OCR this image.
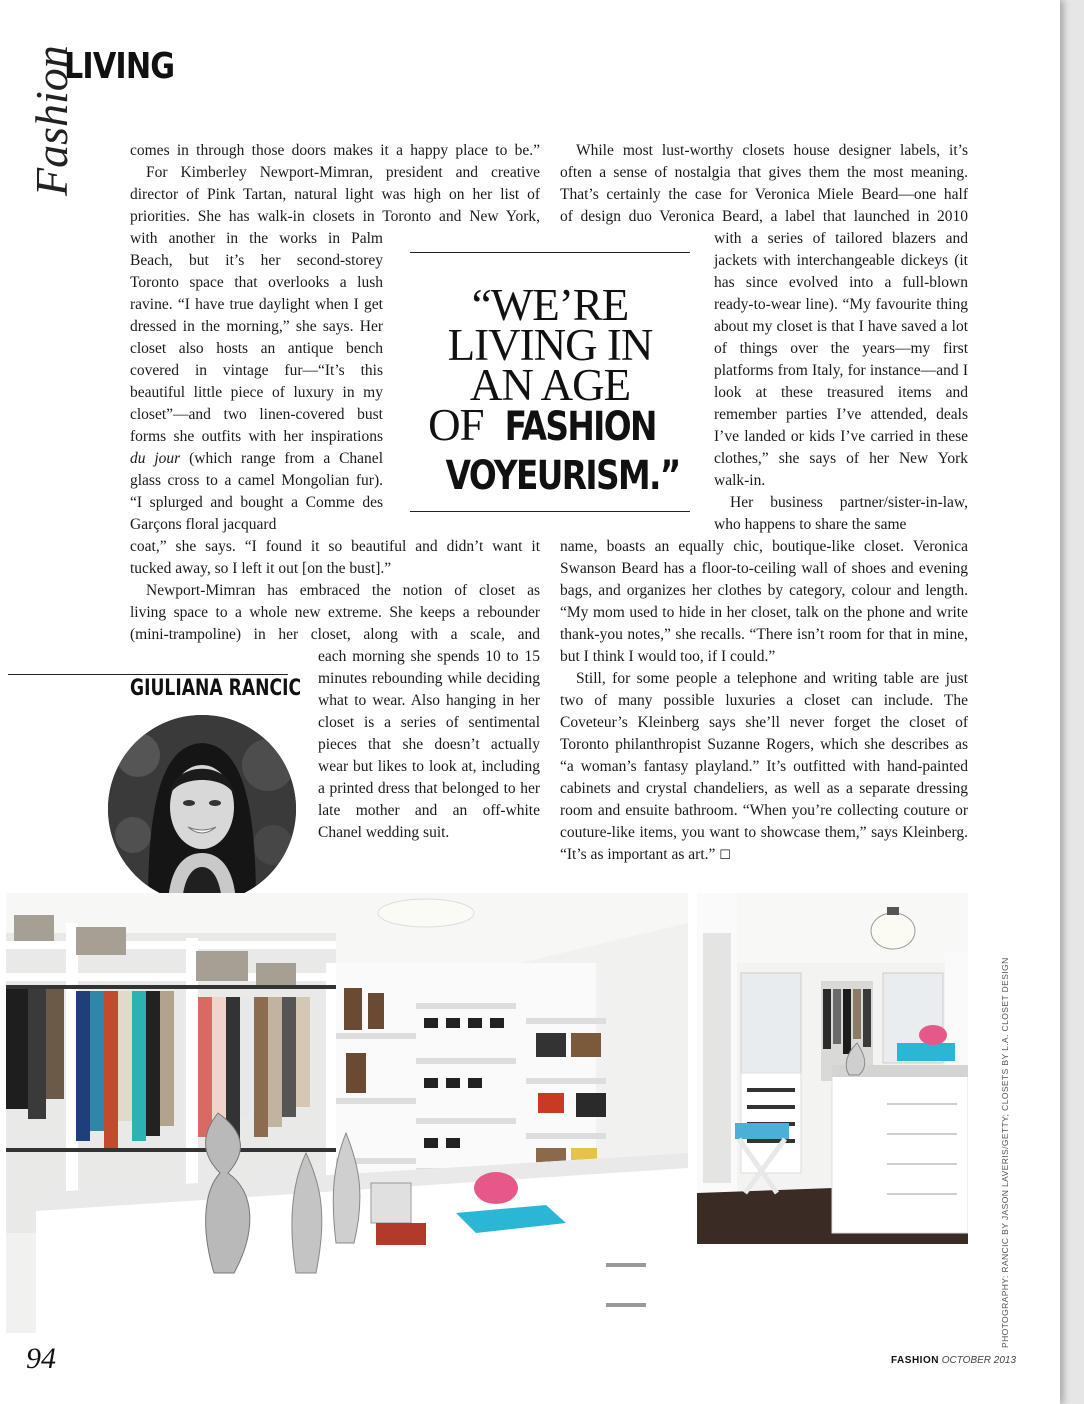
Fashion
LIVING

comes in through those doors makes it a happy place to be.”

For Kimberley Newport-Mimran, president and creative

director of Pink Tartan, natural light was high on her list of

priorities. She has walk-in closets in Toronto and New York,

with another in the works in Palm Beach, but it’s her second-storey Toronto space that overlooks a lush ravine. “I have true daylight when I get dressed in the morning,” she says. Her closet also hosts an antique bench covered in vintage fur—“It’s this beautiful little piece of luxury in my closet”—and two linen-covered bust forms she outfits with her inspirations du jour (which range from a Chanel glass cross to a camel Mongolian fur). “I splurged and bought a Comme des Garçons floral jacquard

coat,” she says. “I found it so beautiful and didn’t want it

tucked away, so I left it out [on the bust].”

Newport-Mimran has embraced the notion of closet as

living space to a whole new extreme. She keeps a rebounder

(mini-trampoline) in her closet, along with a scale, and

each morning she spends 10 to 15 minutes rebounding while deciding what to wear. Also hanging in her closet is a series of sentimental pieces that she doesn’t actually wear but likes to look at, including a printed dress that belonged to her late mother and an off-white Chanel wedding suit.

While most lust-worthy closets house designer labels, it’s

often a sense of nostalgia that gives them the most meaning.

That’s certainly the case for Veronica Miele Beard—one half

of design duo Veronica Beard, a label that launched in 2010

with a series of tailored blazers and jackets with interchangeable dickeys (it has since evolved into a full-blown ready-to-wear line). “My favourite thing about my closet is that I have saved a lot of things over the years—my first platforms from Italy, for instance—and I look at these treasured items and remember parties I’ve attended, deals I’ve landed or kids I’ve carried in these clothes,” she says of her New York walk-in.

Her business partner/sister-in-law, who happens to share the same

name, boasts an equally chic, boutique-like closet. Veronica Swanson Beard has a floor-to-ceiling wall of shoes and evening bags, and organizes her clothes by category, colour and length. “My mom used to hide in her closet, talk on the phone and write thank-you notes,” she recalls. “There isn’t room for that in mine, but I think I would too, if I could.”

Still, for some people a telephone and writing table are just two of many possible luxuries a closet can include. The Coveteur’s Kleinberg says she’ll never forget the closet of Toronto philanthropist Suzanne Rogers, which she describes as “a woman’s fantasy playland.” It’s outfitted with hand-painted cabinets and crystal chandeliers, as well as a separate dressing room and ensuite bathroom. “When you’re collecting couture or couture-like items, you want to showcase them,” says Kleinberg. “It’s as important as art.” ☐

“WE’RE
LIVING IN
AN AGE
OF FASHION
VOYEURISM.”
GIULIANA RANCIC
PHOTOGRAPHY: RANCIC BY JASON LAVERIS/GETTY; CLOSETS BY L.A. CLOSET DESIGN
94	FASHION OCTOBER 2013
